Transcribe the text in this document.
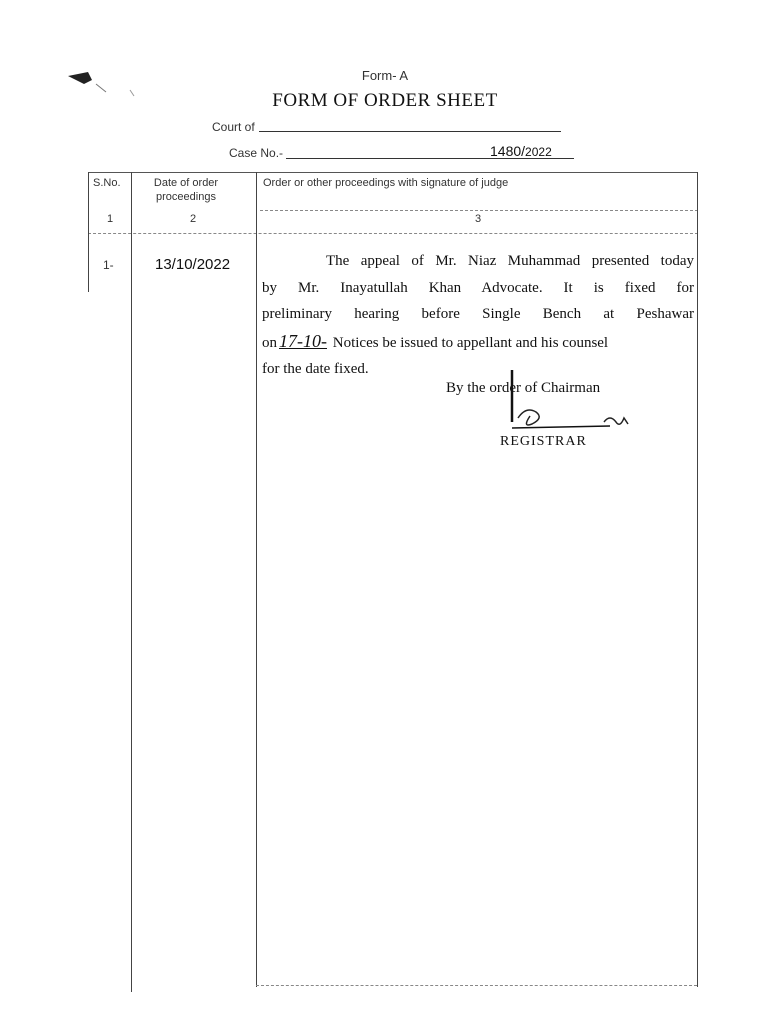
Form- A
FORM OF ORDER SHEET
Court of
Case No.-	1480/2022
S.No.	Date of order proceedings
Order or other proceedings with signature of judge
1	2	3
1-	13/10/2022	The appeal of Mr. Niaz Muhammad presented today
by Mr. Inayatullah Khan Advocate. It is fixed for
preliminary hearing before Single Bench at Peshawar
on 17-10- Notices be issued to appellant and his counsel
for the date fixed.
By the order of Chairman
REGISTRAR
